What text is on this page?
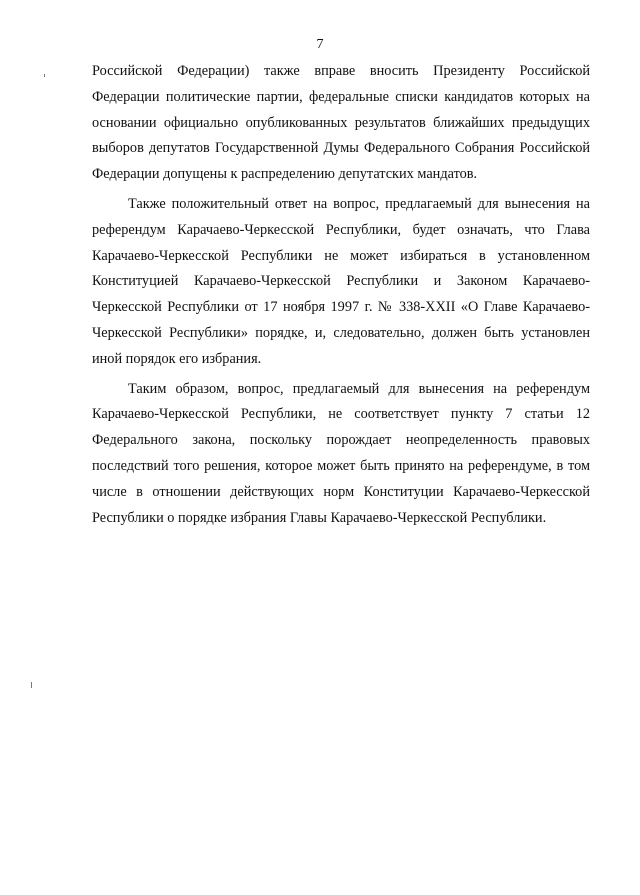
7

Российской Федерации) также вправе вносить Президенту Российской Федерации политические партии, федеральные списки кандидатов которых на основании официально опубликованных результатов ближайших предыдущих выборов депутатов Государственной Думы Федерального Собрания Российской Федерации допущены к распределению депутатских мандатов.

Также положительный ответ на вопрос, предлагаемый для вынесения на референдум Карачаево-Черкесской Республики, будет означать, что Глава Карачаево-Черкесской Республики не может избираться в установленном Конституцией Карачаево-Черкесской Республики и Законом Карачаево-Черкесской Республики от 17 ноября 1997 г. № 338-XXII «О Главе Карачаево-Черкесской Республики» порядке, и, следовательно, должен быть установлен иной порядок его избрания.

Таким образом, вопрос, предлагаемый для вынесения на референдум Карачаево-Черкесской Республики, не соответствует пункту 7 статьи 12 Федерального закона, поскольку порождает неопределенность правовых последствий того решения, которое может быть принято на референдуме, в том числе в отношении действующих норм Конституции Карачаево-Черкесской Республики о порядке избрания Главы Карачаево-Черкесской Республики.
